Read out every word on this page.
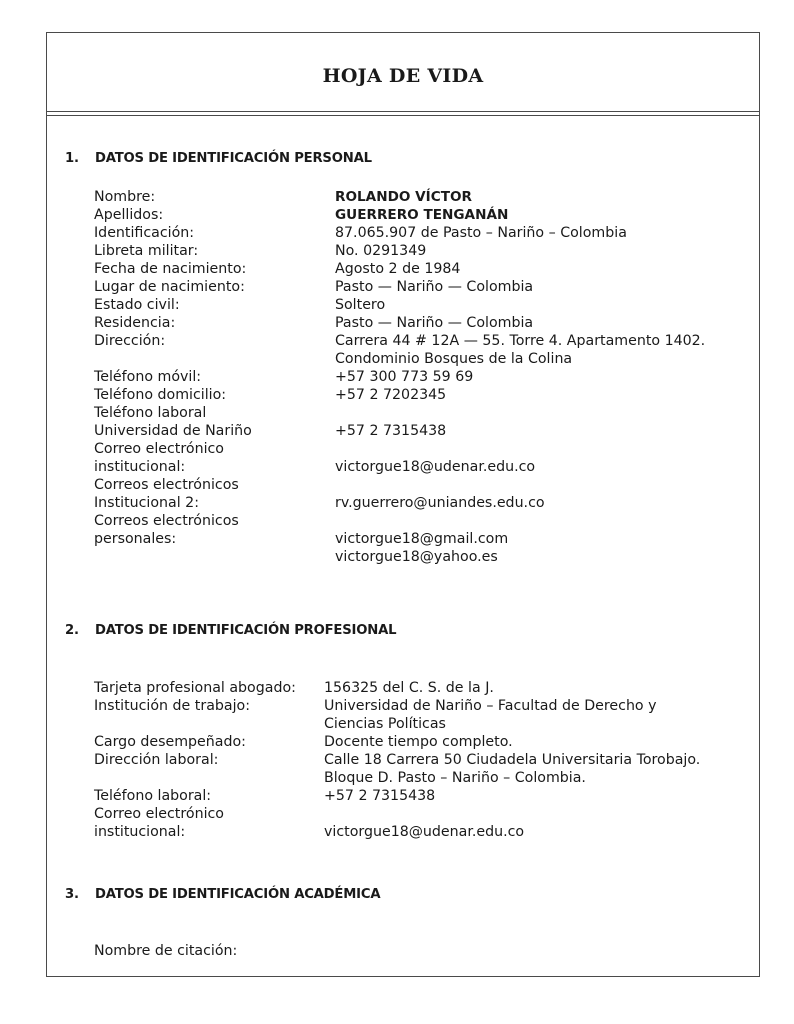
HOJA DE VIDA
1. DATOS DE IDENTIFICACIÓN PERSONAL
Nombre:
Apellidos:
Identificación:
Libreta militar:
Fecha de nacimiento:
Lugar de nacimiento:
Estado civil:
Residencia:
Dirección:
Teléfono móvil:
Teléfono domicilio:
Teléfono laboral
Universidad de Nariño
Correo electrónico
institucional:
Correos electrónicos
Institucional 2:
Correos electrónicos
personales:
ROLANDO VÍCTOR
GUERRERO TENGANÁN
87.065.907 de Pasto – Nariño – Colombia
No. 0291349
Agosto 2 de 1984
Pasto — Nariño — Colombia
Soltero
Pasto — Nariño — Colombia
Carrera 44 # 12A — 55. Torre 4. Apartamento 1402.
Condominio Bosques de la Colina
+57 300 773 59 69
+57 2 7202345
+57 2 7315438
victorgue18@udenar.edu.co
rv.guerrero@uniandes.edu.co
victorgue18@gmail.com
victorgue18@yahoo.es
2. DATOS DE IDENTIFICACIÓN PROFESIONAL
Tarjeta profesional abogado:
Institución de trabajo:
Cargo desempeñado:
Dirección laboral:
Teléfono laboral:
Correo electrónico
institucional:
156325 del C. S. de la J.
Universidad de Nariño – Facultad de Derecho y
Ciencias Políticas
Docente tiempo completo.
Calle 18 Carrera 50 Ciudadela Universitaria Torobajo.
Bloque D. Pasto – Nariño – Colombia.
+57 2 7315438
victorgue18@udenar.edu.co
3. DATOS DE IDENTIFICACIÓN ACADÉMICA
Nombre de citación:
